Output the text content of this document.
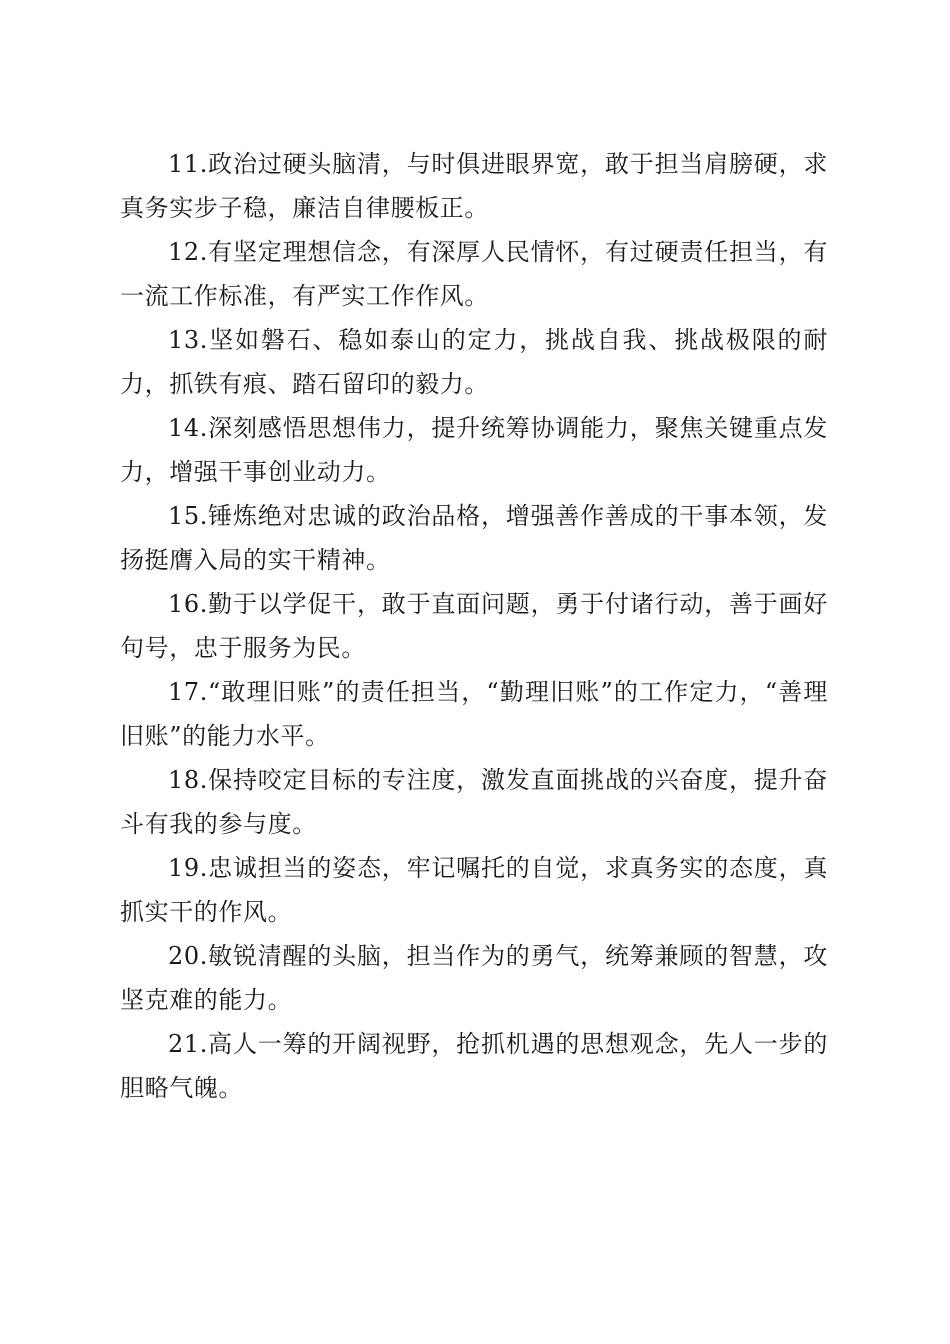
11.政治过硬头脑清，与时俱进眼界宽，敢于担当肩膀硬，求真务实步子稳，廉洁自律腰板正。

12.有坚定理想信念，有深厚人民情怀，有过硬责任担当，有一流工作标准，有严实工作作风。

13.坚如磐石、稳如泰山的定力，挑战自我、挑战极限的耐力，抓铁有痕、踏石留印的毅力。

14.深刻感悟思想伟力，提升统筹协调能力，聚焦关键重点发力，增强干事创业动力。

15.锤炼绝对忠诚的政治品格，增强善作善成的干事本领，发扬挺膺入局的实干精神。

16.勤于以学促干，敢于直面问题，勇于付诸行动，善于画好句号，忠于服务为民。

17.“敢理旧账”的责任担当，“勤理旧账”的工作定力，“善理旧账”的能力水平。

18.保持咬定目标的专注度，激发直面挑战的兴奋度，提升奋斗有我的参与度。

19.忠诚担当的姿态，牢记嘱托的自觉，求真务实的态度，真抓实干的作风。

20.敏锐清醒的头脑，担当作为的勇气，统筹兼顾的智慧，攻坚克难的能力。

21.高人一筹的开阔视野，抢抓机遇的思想观念，先人一步的胆略气魄。
